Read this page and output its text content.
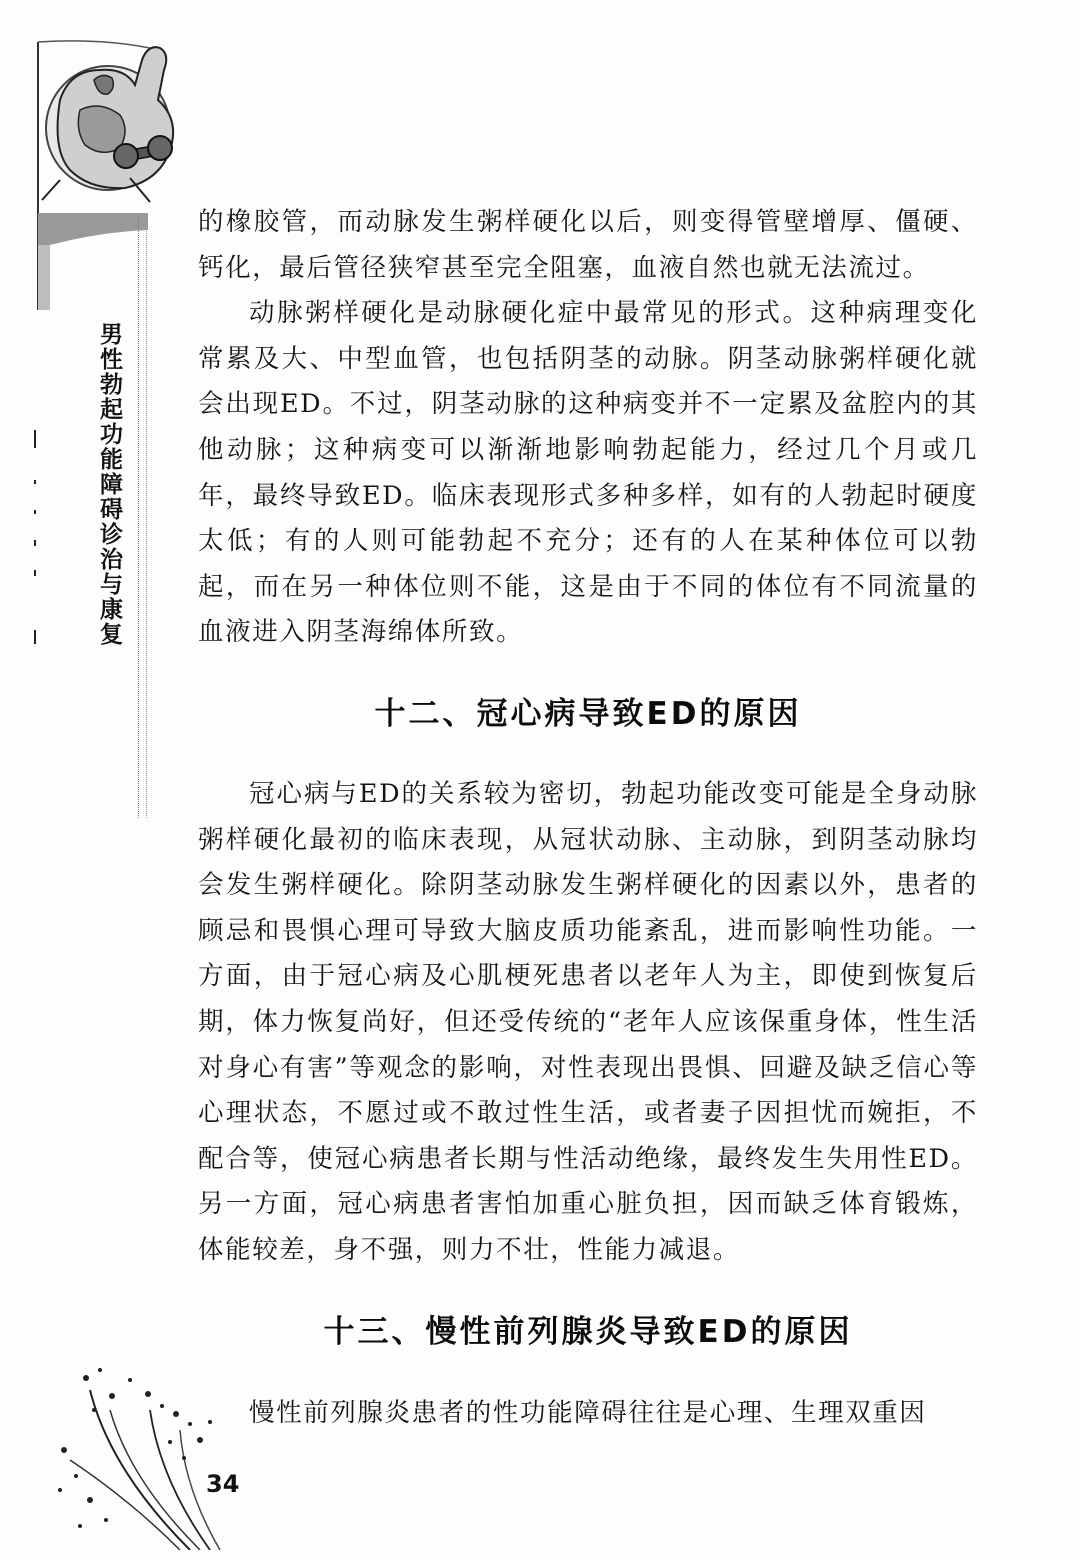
男性勃起功能障碍诊治与康复

的橡胶管，而动脉发生粥样硬化以后，则变得管壁增厚、僵硬、钙化，最后管径狭窄甚至完全阻塞，血液自然也就无法流过。

动脉粥样硬化是动脉硬化症中最常见的形式。这种病理变化常累及大、中型血管，也包括阴茎的动脉。阴茎动脉粥样硬化就会出现ED。不过，阴茎动脉的这种病变并不一定累及盆腔内的其他动脉；这种病变可以渐渐地影响勃起能力，经过几个月或几年，最终导致ED。临床表现形式多种多样，如有的人勃起时硬度太低；有的人则可能勃起不充分；还有的人在某种体位可以勃起，而在另一种体位则不能，这是由于不同的体位有不同流量的血液进入阴茎海绵体所致。

十二、冠心病导致ED的原因

冠心病与ED的关系较为密切，勃起功能改变可能是全身动脉粥样硬化最初的临床表现，从冠状动脉、主动脉，到阴茎动脉均会发生粥样硬化。除阴茎动脉发生粥样硬化的因素以外，患者的顾忌和畏惧心理可导致大脑皮质功能紊乱，进而影响性功能。一方面，由于冠心病及心肌梗死患者以老年人为主，即使到恢复后期，体力恢复尚好，但还受传统的“老年人应该保重身体，性生活对身心有害”等观念的影响，对性表现出畏惧、回避及缺乏信心等心理状态，不愿过或不敢过性生活，或者妻子因担忧而婉拒，不配合等，使冠心病患者长期与性活动绝缘，最终发生失用性ED。另一方面，冠心病患者害怕加重心脏负担，因而缺乏体育锻炼，体能较差，身不强，则力不壮，性能力减退。

十三、慢性前列腺炎导致ED的原因

慢性前列腺炎患者的性功能障碍往往是心理、生理双重因

34
